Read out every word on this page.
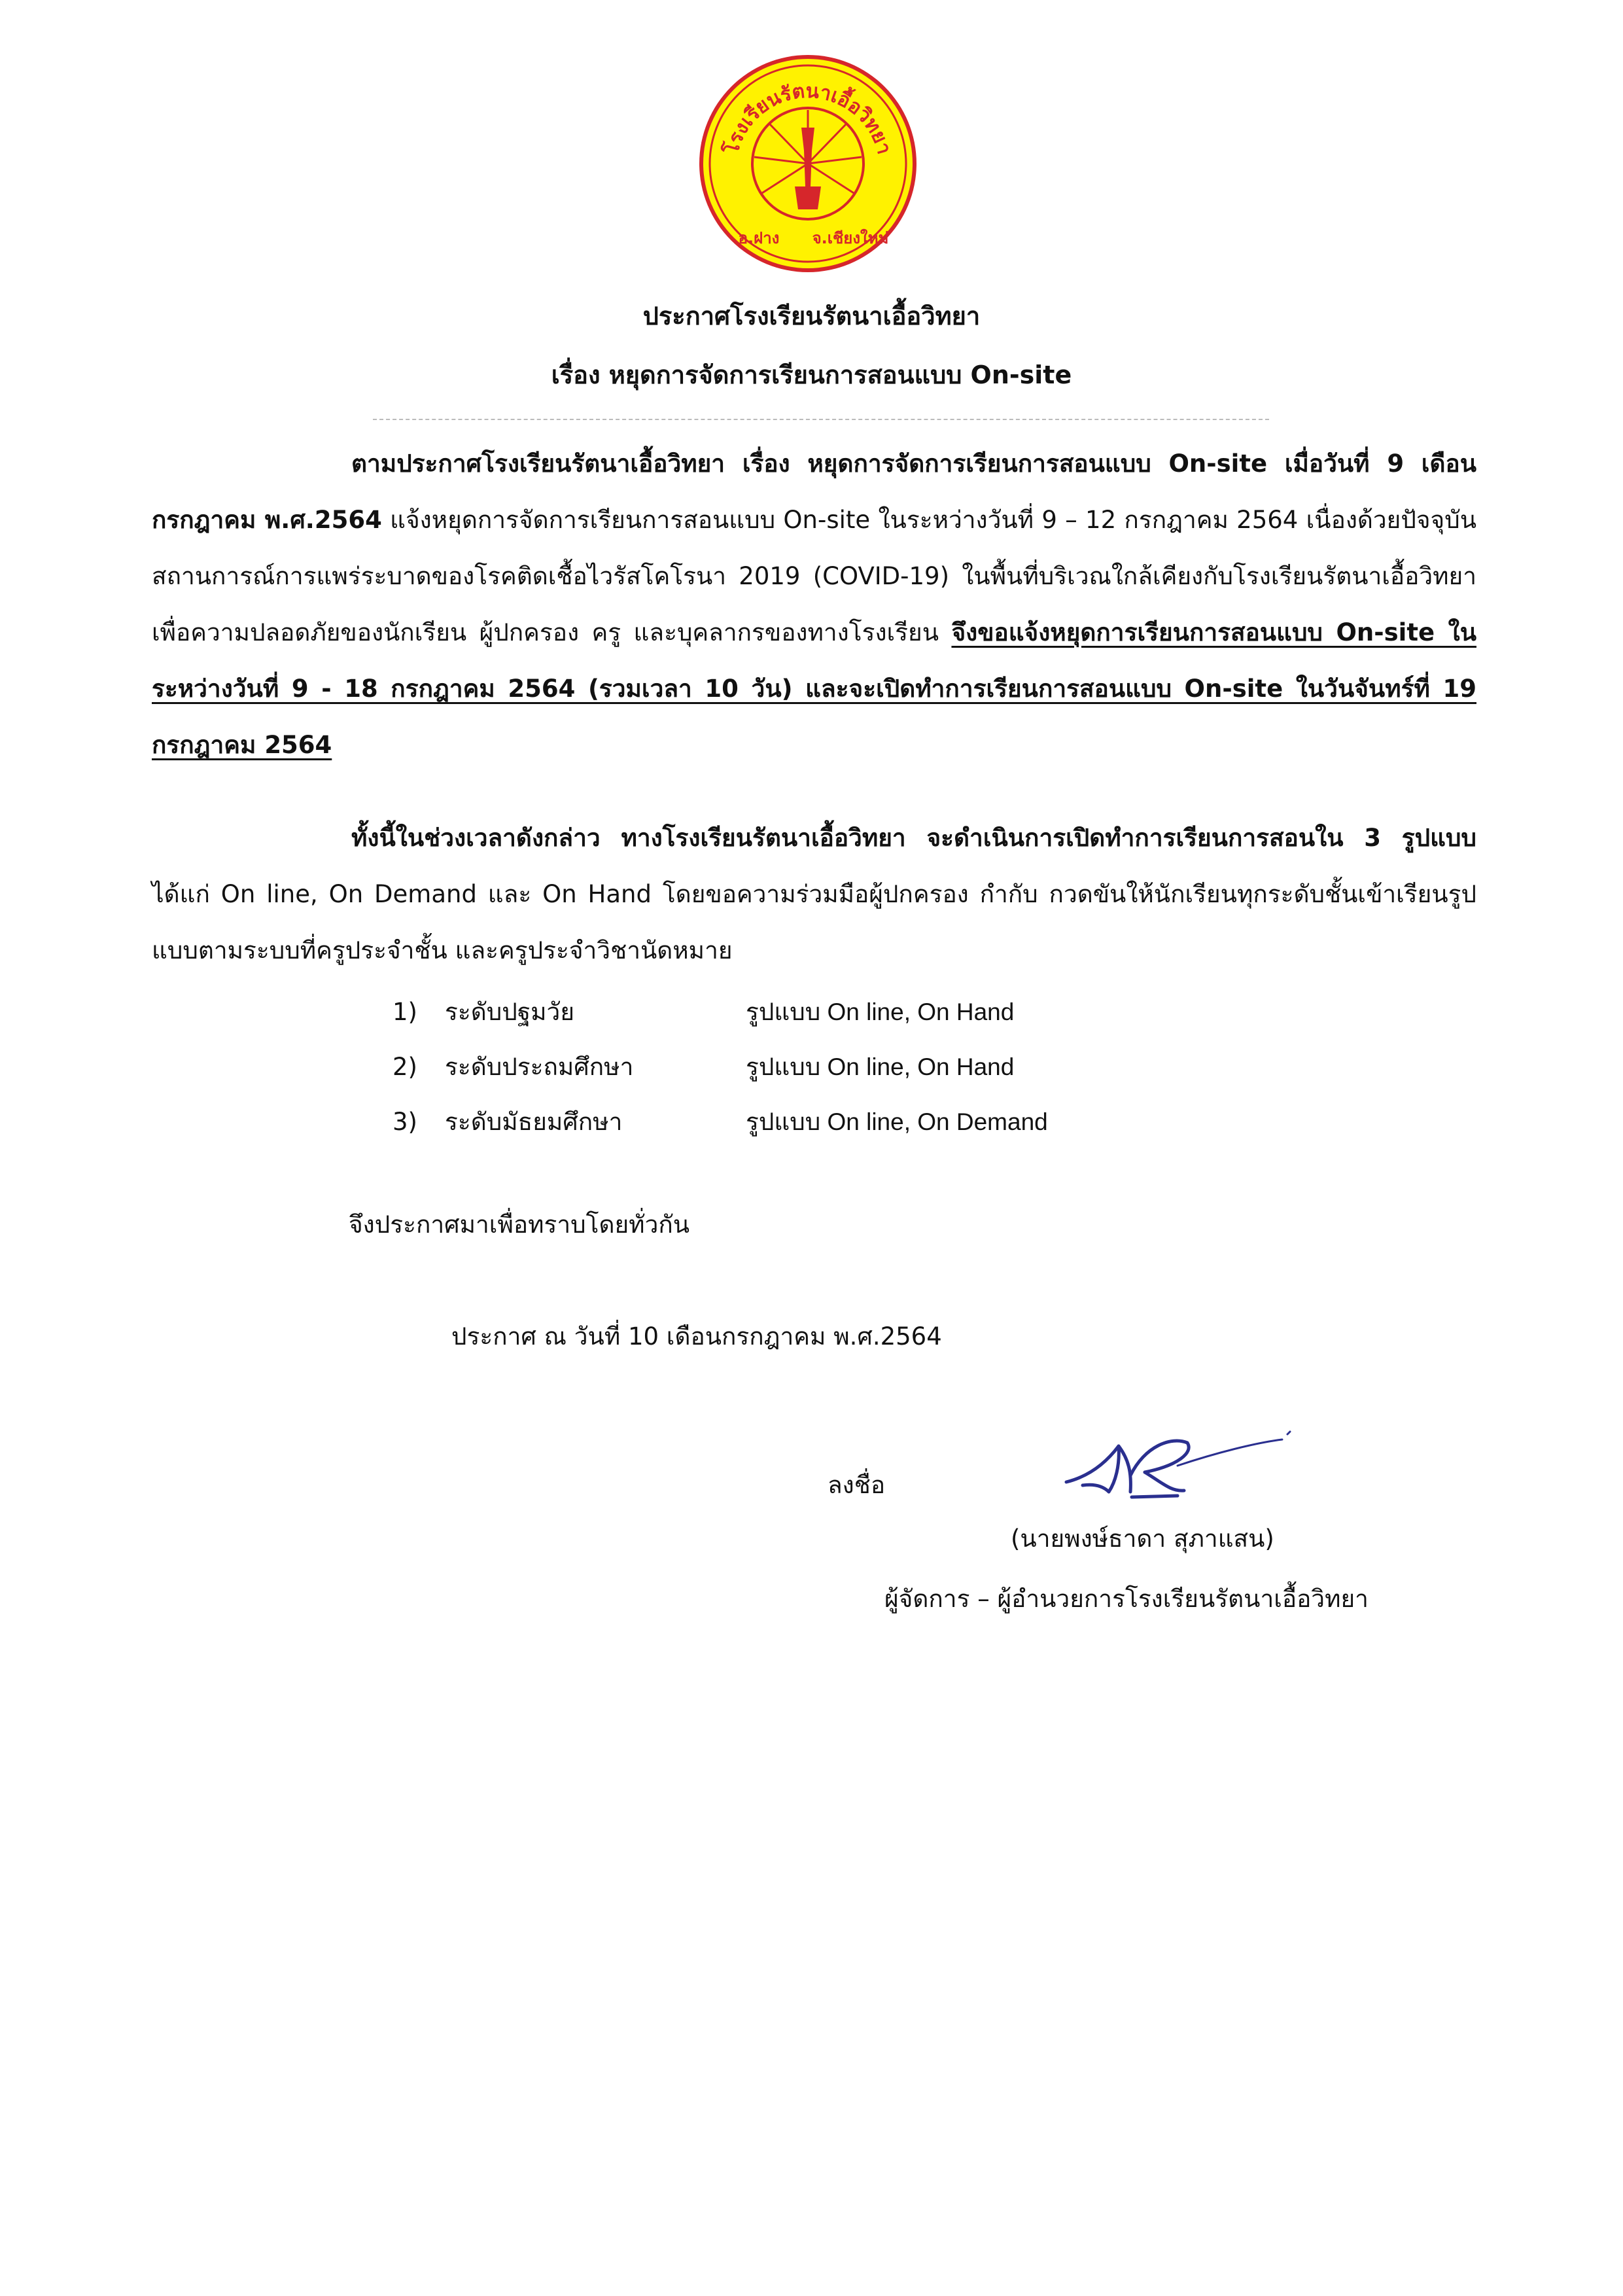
โรงเรียนรัตนาเอื้อวิทยา
อ.ฝาง จ.เชียงใหม่
ประกาศโรงเรียนรัตนาเอื้อวิทยา
เรื่อง หยุดการจัดการเรียนการสอนแบบ On-site
ตามประกาศโรงเรียนรัตนาเอื้อวิทยา เรื่อง หยุดการจัดการเรียนการสอนแบบ On-site เมื่อวันที่ 9 เดือนกรกฎาคม พ.ศ.2564 แจ้งหยุดการจัดการเรียนการสอนแบบ On-site ในระหว่างวันที่ 9 – 12 กรกฎาคม 2564 เนื่องด้วยปัจจุบันสถานการณ์การแพร่ระบาดของโรคติดเชื้อไวรัสโคโรนา 2019 (COVID-19) ในพื้นที่บริเวณใกล้เคียงกับโรงเรียนรัตนาเอื้อวิทยา เพื่อความปลอดภัยของนักเรียน ผู้ปกครอง ครู และบุคลากรของทางโรงเรียน จึงขอแจ้งหยุดการเรียนการสอนแบบ On-site ในระหว่างวันที่ 9 - 18 กรกฎาคม 2564 (รวมเวลา 10 วัน) และจะเปิดทำการเรียนการสอนแบบ On-site ในวันจันทร์ที่ 19 กรกฎาคม 2564
ทั้งนี้ในช่วงเวลาดังกล่าว ทางโรงเรียนรัตนาเอื้อวิทยา จะดำเนินการเปิดทำการเรียนการสอนใน 3 รูปแบบ ได้แก่ On line, On Demand และ On Hand โดยขอความร่วมมือผู้ปกครอง กำกับ กวดขันให้นักเรียนทุกระดับชั้นเข้าเรียนรูปแบบตามระบบที่ครูประจำชั้น และครูประจำวิชานัดหมาย
1) ระดับปฐมวัย	รูปแบบ On line, On Hand
2) ระดับประถมศึกษา	รูปแบบ On line, On Hand
3) ระดับมัธยมศึกษา	รูปแบบ On line, On Demand
จึงประกาศมาเพื่อทราบโดยทั่วกัน
ประกาศ ณ วันที่ 10 เดือนกรกฎาคม พ.ศ.2564
ลงชื่อ
(นายพงษ์ธาดา สุภาแสน)
ผู้จัดการ – ผู้อำนวยการโรงเรียนรัตนาเอื้อวิทยา
